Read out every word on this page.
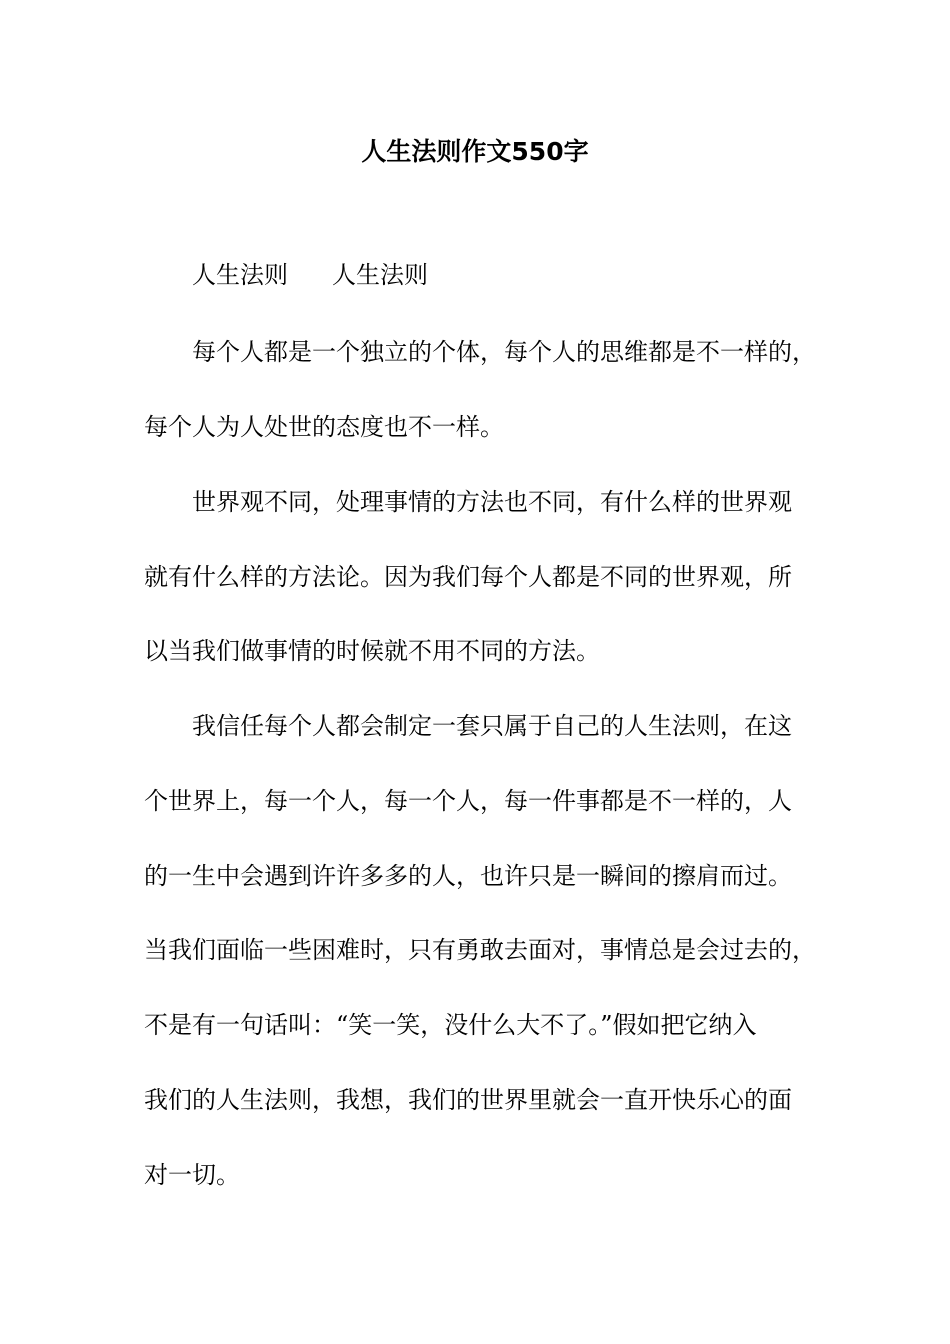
人生法则作文550字
人生法则 人生法则
每个人都是一个独立的个体，每个人的思维都是不一样的，
每个人为人处世的态度也不一样。
世界观不同，处理事情的方法也不同，有什么样的世界观
就有什么样的方法论。因为我们每个人都是不同的世界观，所
以当我们做事情的时候就不用不同的方法。
我信任每个人都会制定一套只属于自己的人生法则，在这
个世界上，每一个人，每一个人，每一件事都是不一样的，人
的一生中会遇到许许多多的人，也许只是一瞬间的擦肩而过。
当我们面临一些困难时，只有勇敢去面对，事情总是会过去的，
不是有一句话叫：“笑一笑，没什么大不了。”假如把它纳入
我们的人生法则，我想，我们的世界里就会一直开快乐心的面
对一切。
